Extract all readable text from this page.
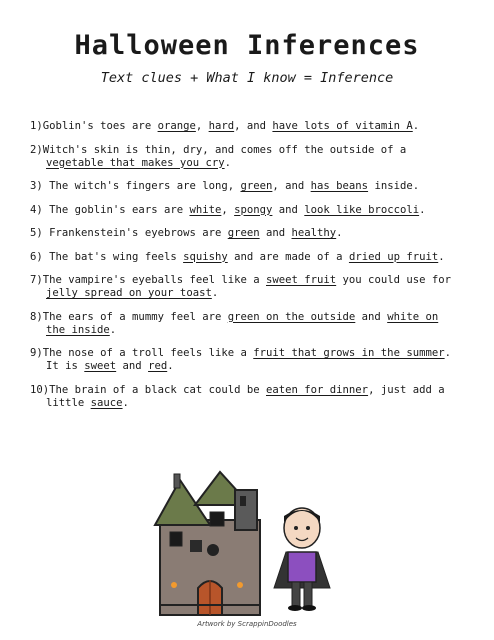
Halloween Inferences
Text clues + What I know = Inference
1)Goblin's toes are orange, hard, and have lots of vitamin A.
2)Witch's skin is thin, dry, and comes off the outside of a
vegetable that makes you cry.
3) The witch's fingers are long, green, and has beans inside.
4) The goblin's ears are white, spongy and look like broccoli.
5) Frankenstein's eyebrows are green and healthy.
6) The bat's wing feels squishy and are made of a dried up fruit.
7)The vampire's eyeballs feel like a sweet fruit you could use for
jelly spread on your toast.
8)The ears of a mummy feel are green on the outside and white on
the inside.
9)The nose of a troll feels like a fruit that grows in the summer.
It is sweet and red.
10)The brain of a black cat could be eaten for dinner, just add a
little sauce.
Artwork by ScrappinDoodles
